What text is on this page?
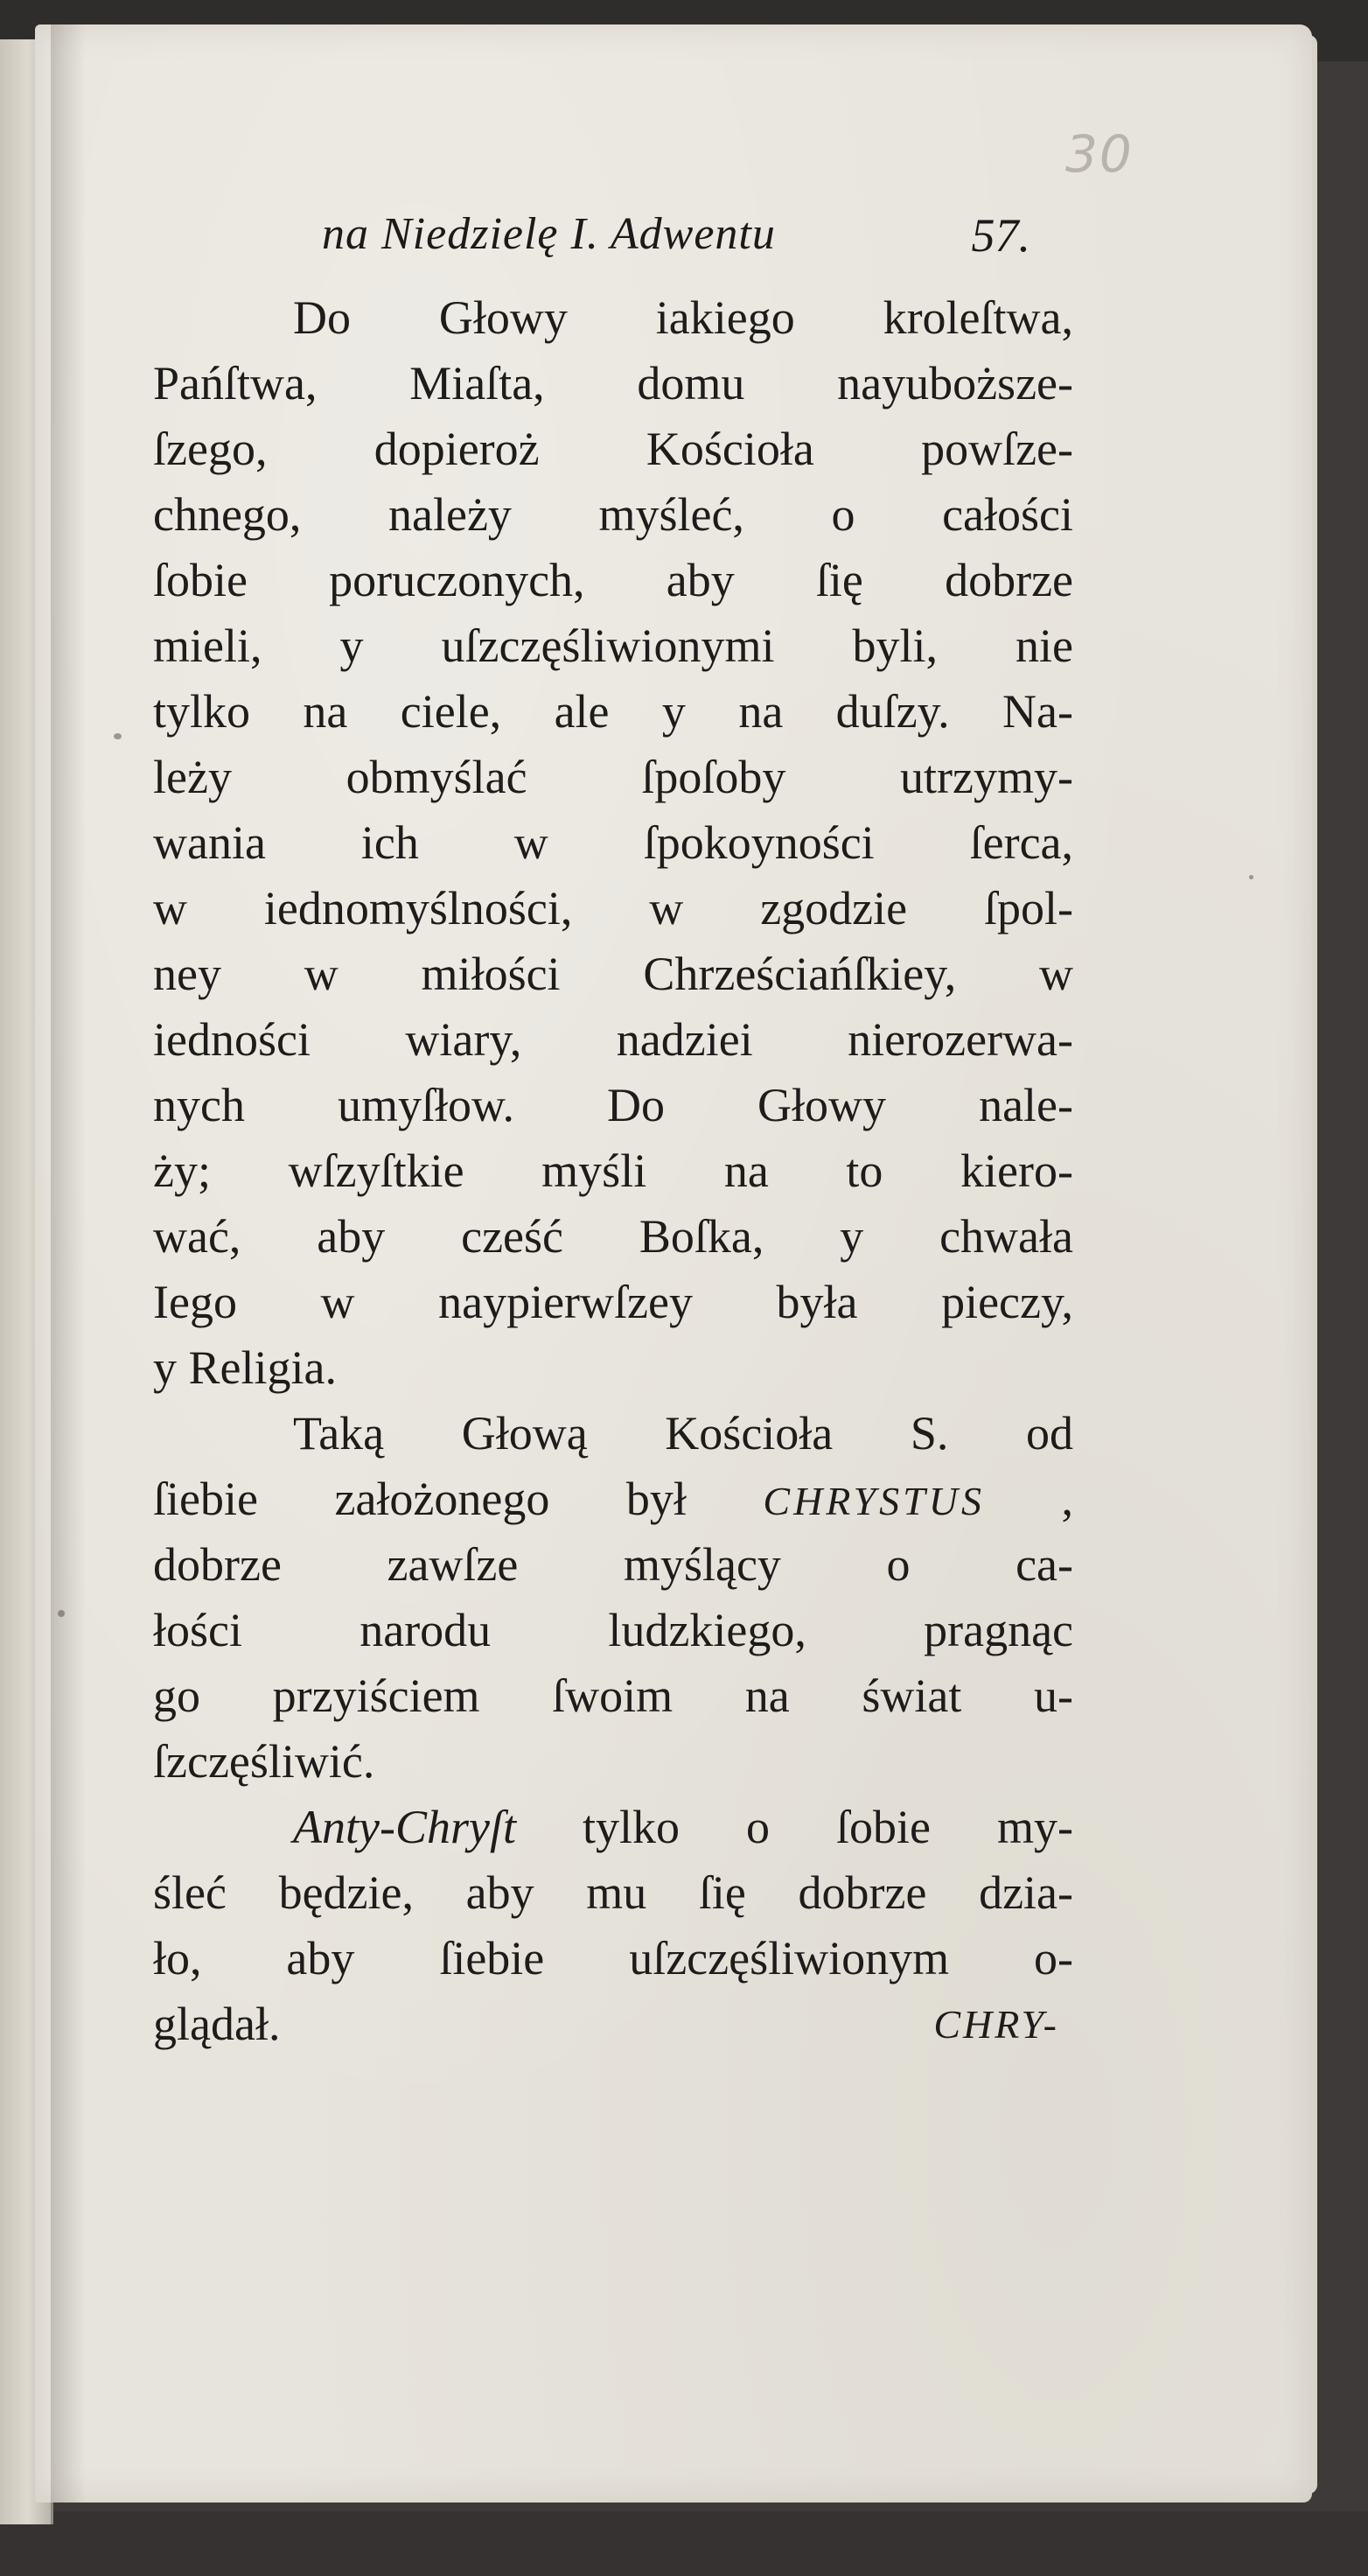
30
na Niedzielę I. Adwentu	57.
Do Głowy iakiego kroleſtwa,
Pańſtwa, Miaſta, domu nayuboższe-
ſzego, dopieroż Kościoła powſze-
chnego, należy myśleć, o całości
ſobie poruczonych, aby ſię dobrze
mieli, y uſzczęśliwionymi byli, nie
tylko na ciele, ale y na duſzy. Na-
leży obmyślać ſpoſoby utrzymy-
wania ich w ſpokoyności ſerca,
w iednomyślności, w zgodzie ſpol-
ney w miłości Chrześciańſkiey, w
iedności wiary, nadziei nierozerwa-
nych umyſłow. Do Głowy nale-
ży; wſzyſtkie myśli na to kiero-
wać, aby cześć Boſka, y chwała
Iego w naypierwſzey była pieczy,
y Religia.
Taką Głową Kościoła S. od
ſiebie założonego był CHRYSTUS ,
dobrze zawſze myślący o ca-
łości narodu ludzkiego, pragnąc
go przyiściem ſwoim na świat u-
ſzczęśliwić.
Anty-Chryſt tylko o ſobie my-
śleć będzie, aby mu ſię dobrze dzia-
ło, aby ſiebie uſzczęśliwionym o-
glądał.	CHRY-
